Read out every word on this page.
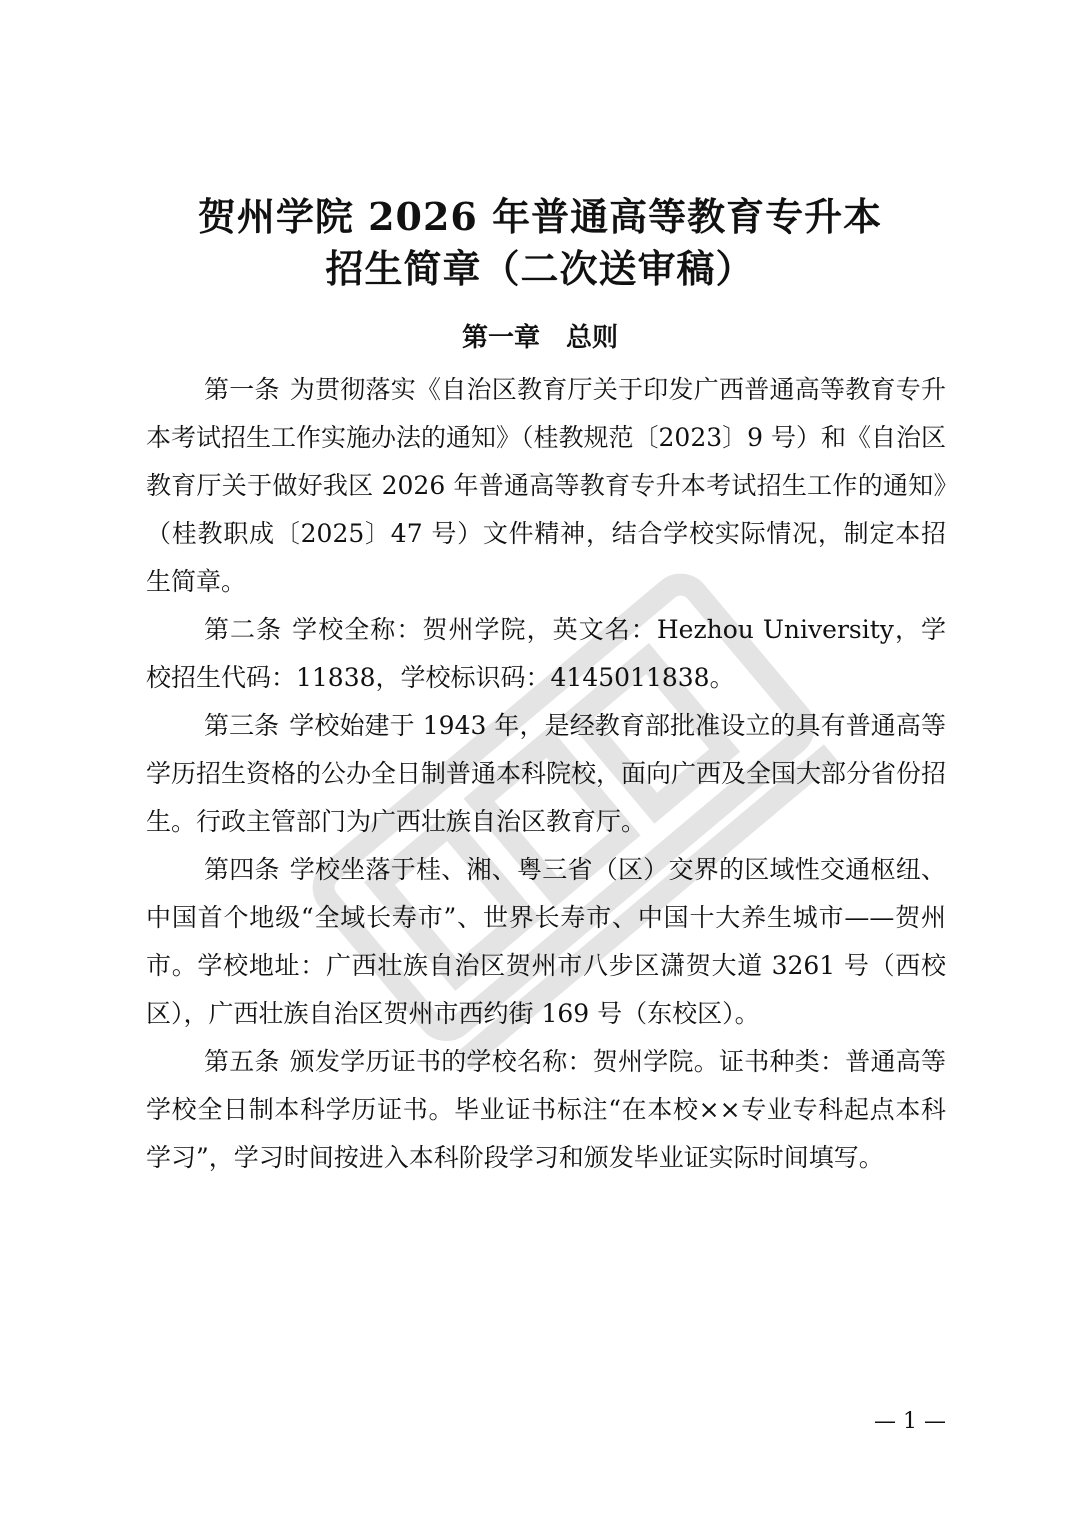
贺州学院 2026 年普通高等教育专升本
招生简章（二次送审稿）
第一章　总则

第一条 为贯彻落实《自治区教育厅关于印发广西普通高等教育专升本考试招生工作实施办法的通知》（桂教规范〔2023〕9 号）和《自治区教育厅关于做好我区 2026 年普通高等教育专升本考试招生工作的通知》（桂教职成〔2025〕47 号）文件精神，结合学校实际情况，制定本招生简章。

第二条 学校全称：贺州学院，英文名：Hezhou University，学校招生代码：11838，学校标识码：4145011838。

第三条 学校始建于 1943 年，是经教育部批准设立的具有普通高等学历招生资格的公办全日制普通本科院校，面向广西及全国大部分省份招生。行政主管部门为广西壮族自治区教育厅。

第四条 学校坐落于桂、湘、粤三省（区）交界的区域性交通枢纽、中国首个地级“全域长寿市”、世界长寿市、中国十大养生城市——贺州市。学校地址：广西壮族自治区贺州市八步区潇贺大道 3261 号（西校区），广西壮族自治区贺州市西约街 169 号（东校区）。

第五条 颁发学历证书的学校名称：贺州学院。证书种类：普通高等学校全日制本科学历证书。毕业证书标注“在本校××专业专科起点本科学习”，学习时间按进入本科阶段学习和颁发毕业证实际时间填写。

— 1 —
